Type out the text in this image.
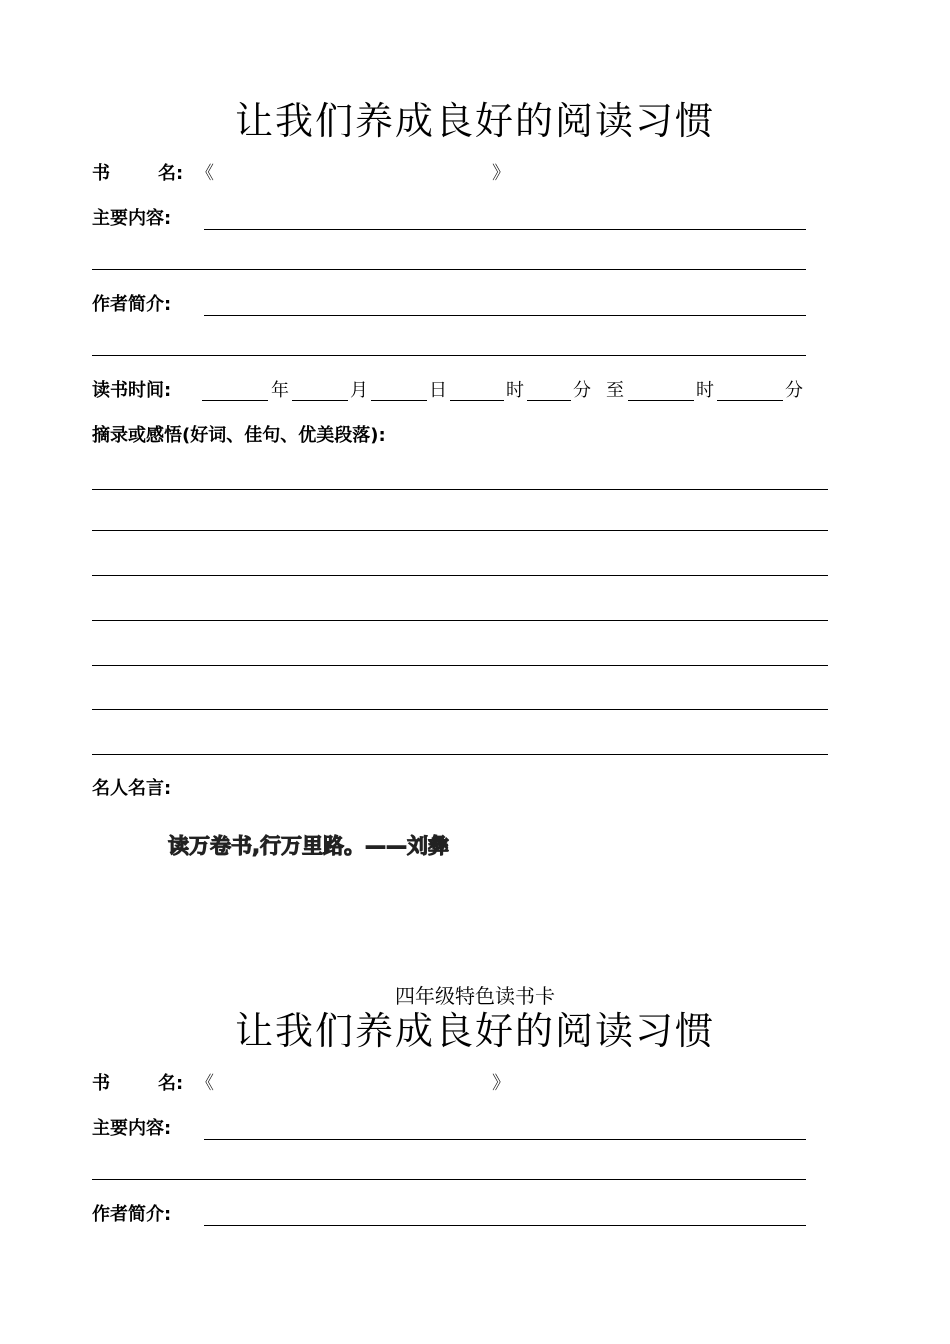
让我们养成良好的阅读习惯
书	名: 《	》
主要内容:
作者简介:
读书时间:	年	月	日	时	分 至	时	分
摘录或感悟(好词、佳句、优美段落):
名人名言:
读万卷书,行万里路。——刘彝
四年级特色读书卡
让我们养成良好的阅读习惯
书	名: 《	》
主要内容:
作者简介:
